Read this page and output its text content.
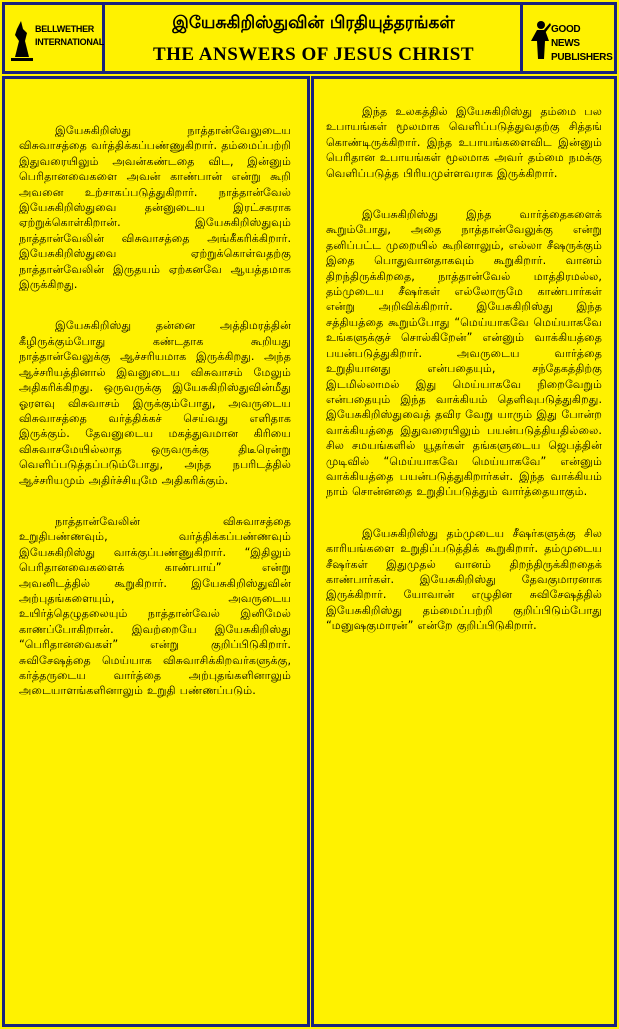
BELLWETHER INTERNATIONAL
இயேசுகிறிஸ்துவின் பிரதியுத்தரங்கள்
THE ANSWERS OF JESUS CHRIST
GOOD NEWS PUBLISHERS

இயேசுகிறிஸ்து நாத்தான்வேலுடைய விசுவாசத்தை வர்த்திக்கப்பண்ணுகிறார். தம்மைப்பற்றி இதுவரையிலும் அவன்கண்டதை விட, இன்னும் பெரிதானவைகளை அவன் காண்பான் என்று கூறி அவனை உற்சாகப்படுத்துகிறார். நாத்தான்வேல் இயேசுகிறிஸ்துவை தன்னுடைய இரட்சகராக ஏற்றுக்கொள்கிறான். இயேசுகிறிஸ்துவும் நாத்தான்வேலின் விசுவாசத்தை அங்கீகரிக்கிறார். இயேசுகிறிஸ்துவை ஏற்றுக்கொள்வதற்கு நாத்தான்வேலின் இருதயம் ஏற்கனவே ஆயத்தமாக இருக்கிறது.

இயேசுகிறிஸ்து தன்னை அத்திமரத்தின் கீழிருக்கும்போது கண்டதாக கூறியது நாத்தான்வேலுக்கு ஆச்சரியமாக இருக்கிறது. அந்த ஆச்சரியத்தினால் இவனுடைய விசுவாசம் மேலும் அதிகரிக்கிறது. ஒருவருக்கு இயேசுகிறிஸ்துவின்மீது ஓரளவு விசுவாசம் இருக்கும்போது, அவருடைய விசுவாசத்தை வர்த்திக்கச் செய்வது எளிதாக இருக்கும். தேவனுடைய மகத்துவமான கிரியை விசுவாசமேயில்லாத ஒருவருக்கு திடீரென்று வெளிப்படுத்தப்படும்போது, அந்த நபரிடத்தில் ஆச்சரியமும் அதிர்ச்சியுமே அதிகரிக்கும்.

நாத்தான்வேலின் விசுவாசத்தை உறுதிபண்ணவும், வர்த்திக்கப்பண்ணவும் இயேசுகிறிஸ்து வாக்குப்பண்ணுகிறார். “இதிலும் பெரிதானவைகளைக் காண்பாய்” என்று அவனிடத்தில் கூறுகிறார். இயேசுகிறிஸ்துவின் அற்புதங்களையும், அவருடைய உயிர்த்தெழுதலையும் நாத்தான்வேல் இனிமேல் காணப்போகிறான். இவற்றையே இயேசுகிறிஸ்து “பெரிதானவைகள்” என்று குறிப்பிடுகிறார். சுவிசேஷத்தை மெய்யாக விசுவாசிக்கிறவர்களுக்கு, கர்த்தருடைய வார்த்தை அற்புதங்களினாலும் அடையாளங்களினாலும் உறுதி பண்ணப்படும்.

இந்த உலகத்தில் இயேசுகிறிஸ்து தம்மை பல உபாயங்கள் மூலமாக வெளிப்படுத்துவதற்கு சித்தங் கொண்டிருக்கிறார். இந்த உபாயங்களைவிட இன்னும் பெரிதான உபாயங்கள் மூலமாக அவர் தம்மை நமக்கு வெளிப்படுத்த பிரியமுள்ளவராக இருக்கிறார்.

இயேசுகிறிஸ்து இந்த வார்த்தைகளைக் கூறும்போது, அதை நாத்தான்வேலுக்கு என்று தனிப்பட்ட முறையில் கூறினாலும், எல்லா சீஷருக்கும் இதை பொதுவானதாகவும் கூறுகிறார். வானம் திறந்திருக்கிறதை, நாத்தான்வேல் மாத்திரமல்ல, தம்முடைய சீஷர்கள் எல்லோருமே காண்பார்கள் என்று அறிவிக்கிறார். இயேசுகிறிஸ்து இந்த சத்தியத்தை கூறும்போது “மெய்யாகவே மெய்யாகவே உங்களுக்குச் சொல்கிறேன்” என்னும் வாக்கியத்தை பயன்படுத்துகிறார். அவருடைய வார்த்தை உறுதியானது என்பதையும், சந்தேகத்திற்கு இடமில்லாமல் இது மெய்யாகவே நிறைவேறும் என்பதையும் இந்த வாக்கியம் தெளிவுபடுத்துகிறது. இயேசுகிறிஸ்துவைத் தவிர வேறு யாரும் இது போன்ற வாக்கியத்தை இதுவரையிலும் பயன்படுத்தியதில்லை. சில சமயங்களில் யூதர்கள் தங்களுடைய ஜெபத்தின் முடிவில் “மெய்யாகவே மெய்யாகவே” என்னும் வாக்கியத்தை பயன்படுத்துகிறார்கள். இந்த வாக்கியம் நாம் சொன்னதை உறுதிப்படுத்தும் வார்த்தையாகும்.

இயேசுகிறிஸ்து தம்முடைய சீஷர்களுக்கு சில காரியங்களை உறுதிப்படுத்திக் கூறுகிறார். தம்முடைய சீஷர்கள் இதுமுதல் வானம் திறந்திருக்கிறதைக் காண்பார்கள். இயேசுகிறிஸ்து தேவகுமாரனாக இருக்கிறார். யோவான் எழுதின சுவிசேஷத்தில் இயேசுகிறிஸ்து தம்மைப்பற்றி குறிப்பிடும்போது “மனுஷகுமாரன்” என்றே குறிப்பிடுகிறார்.
